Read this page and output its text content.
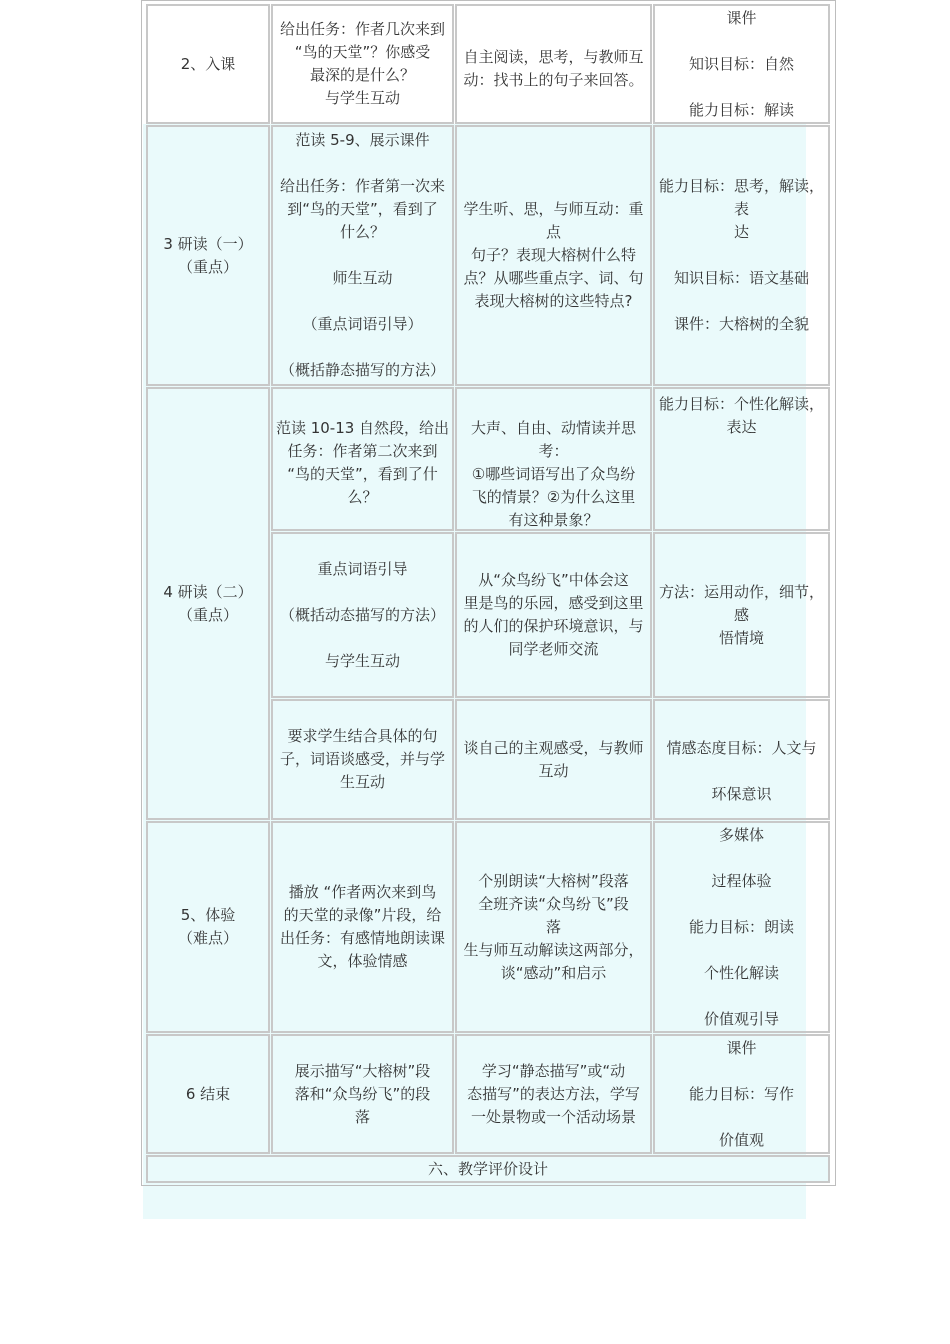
2、入课
给出任务：作者几次来到
“鸟的天堂”？你感受
最深的是什么？
与学生互动
自主阅读，思考，与教师互
动：找书上的句子来回答。
课件

知识目标：自然

能力目标：解读
3 研读（一）
（重点）
范读 5-9、展示课件

给出任务：作者第一次来
到“鸟的天堂”，看到了
什么？

师生互动

（重点词语引导）

（概括静态描写的方法）
学生听、思，与师互动：重点
句子？表现大榕树什么特
点？从哪些重点字、词、句
表现大榕树的这些特点?
能力目标：思考，解读，表
达

知识目标：语文基础

课件：大榕树的全貌
4 研读（二）
（重点）
范读 10-13 自然段，给出
任务：作者第二次来到
“鸟的天堂”，看到了什
么？
大声、自由、动情读并思考：
①哪些词语写出了众鸟纷
飞的情景？②为什么这里
有这种景象？
能力目标：个性化解读，
表达
重点词语引导

（概括动态描写的方法）

与学生互动
从“众鸟纷飞”中体会这
里是鸟的乐园，感受到这里
的人们的保护环境意识，与
同学老师交流
方法：运用动作，细节，感
悟情境
要求学生结合具体的句
子，词语谈感受，并与学
生互动
谈自己的主观感受，与教师
互动

情感态度目标：人文与

环保意识
5、体验
（难点）
播放 “作者两次来到鸟
的天堂的录像”片段，给
出任务：有感情地朗读课
文，体验情感
个别朗读“大榕树”段落
全班齐读“众鸟纷飞”段
落
生与师互动解读这两部分，
谈“感动”和启示
多媒体

过程体验

能力目标：朗读

个性化解读

价值观引导
6 结束
展示描写“大榕树”段
落和“众鸟纷飞”的段
落
学习“静态描写”或“动
态描写”的表达方法，学写
一处景物或一个活动场景
课件

能力目标：写作

价值观
六、教学评价设计
